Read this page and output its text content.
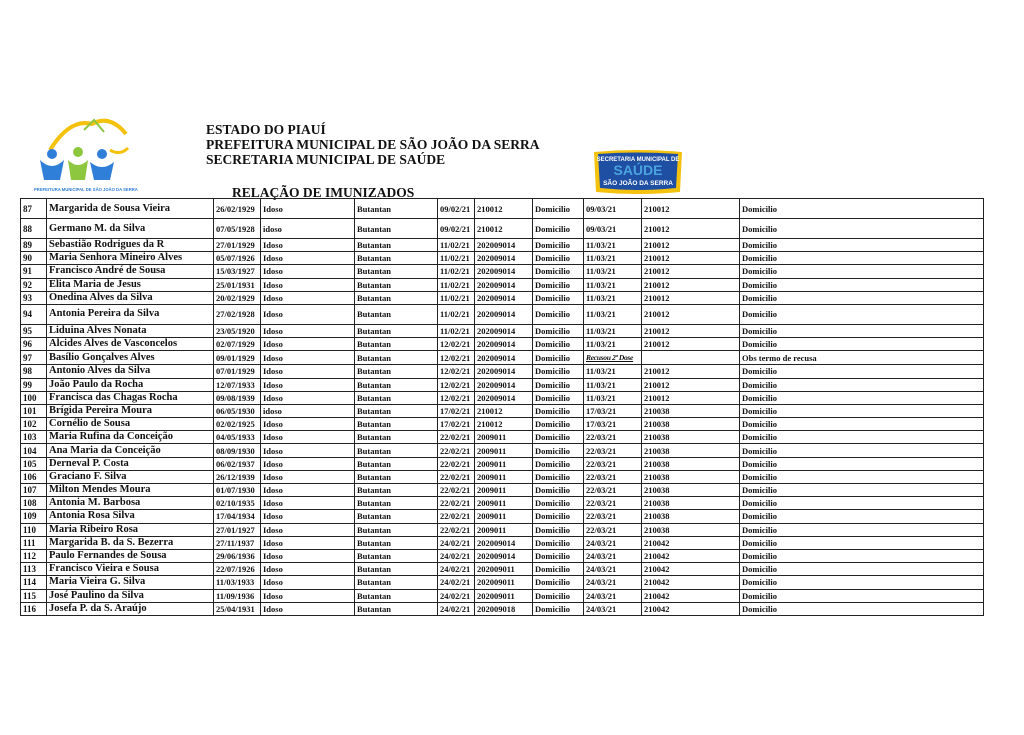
PREFEITURA MUNICIPAL DE SÃO JOÃO DA SERRA
SECRETARIA MUNICIPAL DE
SAÚDE
SÃO JOÃO DA SERRA
ESTADO DO PIAUÍ
PREFEITURA MUNICIPAL DE SÃO JOÃO DA SERRA
SECRETARIA MUNICIPAL DE SAÚDE
RELAÇÃO DE IMUNIZADOS
87	Margarida de Sousa Vieira	26/02/1929	Idoso	Butantan	09/02/21	210012	Domicilio	09/03/21	210012	Domicilio
88	Germano M. da Silva	07/05/1928	idoso	Butantan	09/02/21	210012	Domicilio	09/03/21	210012	Domicilio
89	Sebastião Rodrigues da R	27/01/1929	Idoso	Butantan	11/02/21	202009014	Domicilio	11/03/21	210012	Domicilio
90	Maria Senhora Mineiro Alves	05/07/1926	Idoso	Butantan	11/02/21	202009014	Domicilio	11/03/21	210012	Domicilio
91	Francisco André de Sousa	15/03/1927	Idoso	Butantan	11/02/21	202009014	Domicilio	11/03/21	210012	Domicilio
92	Elita Maria de Jesus	25/01/1931	Idoso	Butantan	11/02/21	202009014	Domicilio	11/03/21	210012	Domicilio
93	Onedina Alves da Silva	20/02/1929	Idoso	Butantan	11/02/21	202009014	Domicilio	11/03/21	210012	Domicilio
94	Antonia Pereira da Silva	27/02/1928	Idoso	Butantan	11/02/21	202009014	Domicilio	11/03/21	210012	Domicilio
95	Liduina Alves Nonata	23/05/1920	Idoso	Butantan	11/02/21	202009014	Domicilio	11/03/21	210012	Domicilio
96	Alcides Alves de Vasconcelos	02/07/1929	Idoso	Butantan	12/02/21	202009014	Domicilio	11/03/21	210012	Domicilio
97	Basílio Gonçalves Alves	09/01/1929	Idoso	Butantan	12/02/21	202009014	Domicilio	Recusou 2ª Dose		Obs termo de recusa
98	Antonio Alves da Silva	07/01/1929	Idoso	Butantan	12/02/21	202009014	Domicilio	11/03/21	210012	Domicilio
99	João Paulo da Rocha	12/07/1933	Idoso	Butantan	12/02/21	202009014	Domicilio	11/03/21	210012	Domicilio
100	Francisca das Chagas Rocha	09/08/1939	Idoso	Butantan	12/02/21	202009014	Domicilio	11/03/21	210012	Domicilio
101	Brígida Pereira Moura	06/05/1930	idoso	Butantan	17/02/21	210012	Domicilio	17/03/21	210038	Domicilio
102	Cornélio de Sousa	02/02/1925	Idoso	Butantan	17/02/21	210012	Domicilio	17/03/21	210038	Domicilio
103	Maria Rufina da Conceição	04/05/1933	Idoso	Butantan	22/02/21	2009011	Domicilio	22/03/21	210038	Domicilio
104	Ana Maria da Conceição	08/09/1930	Idoso	Butantan	22/02/21	2009011	Domicilio	22/03/21	210038	Domicilio
105	Derneval P. Costa	06/02/1937	Idoso	Butantan	22/02/21	2009011	Domicilio	22/03/21	210038	Domicilio
106	Graciano F. Silva	26/12/1939	Idoso	Butantan	22/02/21	2009011	Domicilio	22/03/21	210038	Domicilio
107	Milton Mendes Moura	01/07/1930	Idoso	Butantan	22/02/21	2009011	Domicilio	22/03/21	210038	Domicilio
108	Antonia M. Barbosa	02/10/1935	Idoso	Butantan	22/02/21	2009011	Domicilio	22/03/21	210038	Domicilio
109	Antonia Rosa Silva	17/04/1934	Idoso	Butantan	22/02/21	2009011	Domicilio	22/03/21	210038	Domicilio
110	Maria Ribeiro Rosa	27/01/1927	Idoso	Butantan	22/02/21	2009011	Domicilio	22/03/21	210038	Domicilio
111	Margarida B. da S. Bezerra	27/11/1937	Idoso	Butantan	24/02/21	202009014	Domicilio	24/03/21	210042	Domicilio
112	Paulo Fernandes de Sousa	29/06/1936	Idoso	Butantan	24/02/21	202009014	Domicilio	24/03/21	210042	Domicilio
113	Francisco Vieira e Sousa	22/07/1926	Idoso	Butantan	24/02/21	202009011	Domicilio	24/03/21	210042	Domicilio
114	Maria Vieira G. Silva	11/03/1933	Idoso	Butantan	24/02/21	202009011	Domicilio	24/03/21	210042	Domicilio
115	José Paulino da Silva	11/09/1936	Idoso	Butantan	24/02/21	202009011	Domicilio	24/03/21	210042	Domicilio
116	Josefa P. da S. Araújo	25/04/1931	Idoso	Butantan	24/02/21	202009018	Domicilio	24/03/21	210042	Domicilio
